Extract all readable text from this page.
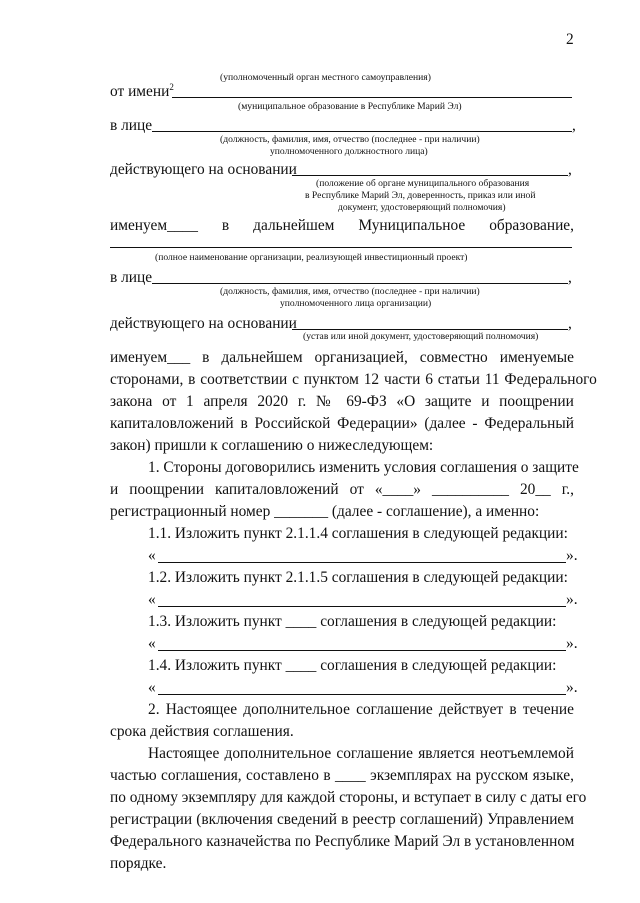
2
(уполномоченный орган местного самоуправления)
от имени$^2$
(муниципальное образование в Республике Марий Эл)
в лице	,
(должность, фамилия, имя, отчество (последнее - при наличии)
уполномоченного должностного лица)
действующего на основании	,
(положение об органе муниципального образования
в Республике Марий Эл, доверенность, приказ или иной
документ, удостоверяющий полномочия)
именуем____ в дальнейшем Муниципальное образование,
(полное наименование организации, реализующей инвестиционный проект)
в лице	,
(должность, фамилия, имя, отчество (последнее - при наличии)
уполномоченного лица организации)
действующего на основании	,
(устав или иной документ, удостоверяющий полномочия)
именуем___ в дальнейшем организацией, совместно именуемые
сторонами, в соответствии с пунктом 12 части 6 статьи 11 Федерального
закона от 1 апреля 2020 г. № 69-ФЗ «О защите и поощрении
капиталовложений в Российской Федерации» (далее - Федеральный
закон) пришли к соглашению о нижеследующем:
1. Стороны договорились изменить условия соглашения о защите
и поощрении капиталовложений от «____» __________ 20__ г.,
регистрационный номер _______ (далее - соглашение), а именно:
1.1. Изложить пункт 2.1.1.4 соглашения в следующей редакции:
«	».
1.2. Изложить пункт 2.1.1.5 соглашения в следующей редакции:
«	».
1.3. Изложить пункт ____ соглашения в следующей редакции:
«	».
1.4. Изложить пункт ____ соглашения в следующей редакции:
«	».
2. Настоящее дополнительное соглашение действует в течение
срока действия соглашения.
Настоящее дополнительное соглашение является неотъемлемой
частью соглашения, составлено в ____ экземплярах на русском языке,
по одному экземпляру для каждой стороны, и вступает в силу с даты его
регистрации (включения сведений в реестр соглашений) Управлением
Федерального казначейства по Республике Марий Эл в установленном
порядке.
